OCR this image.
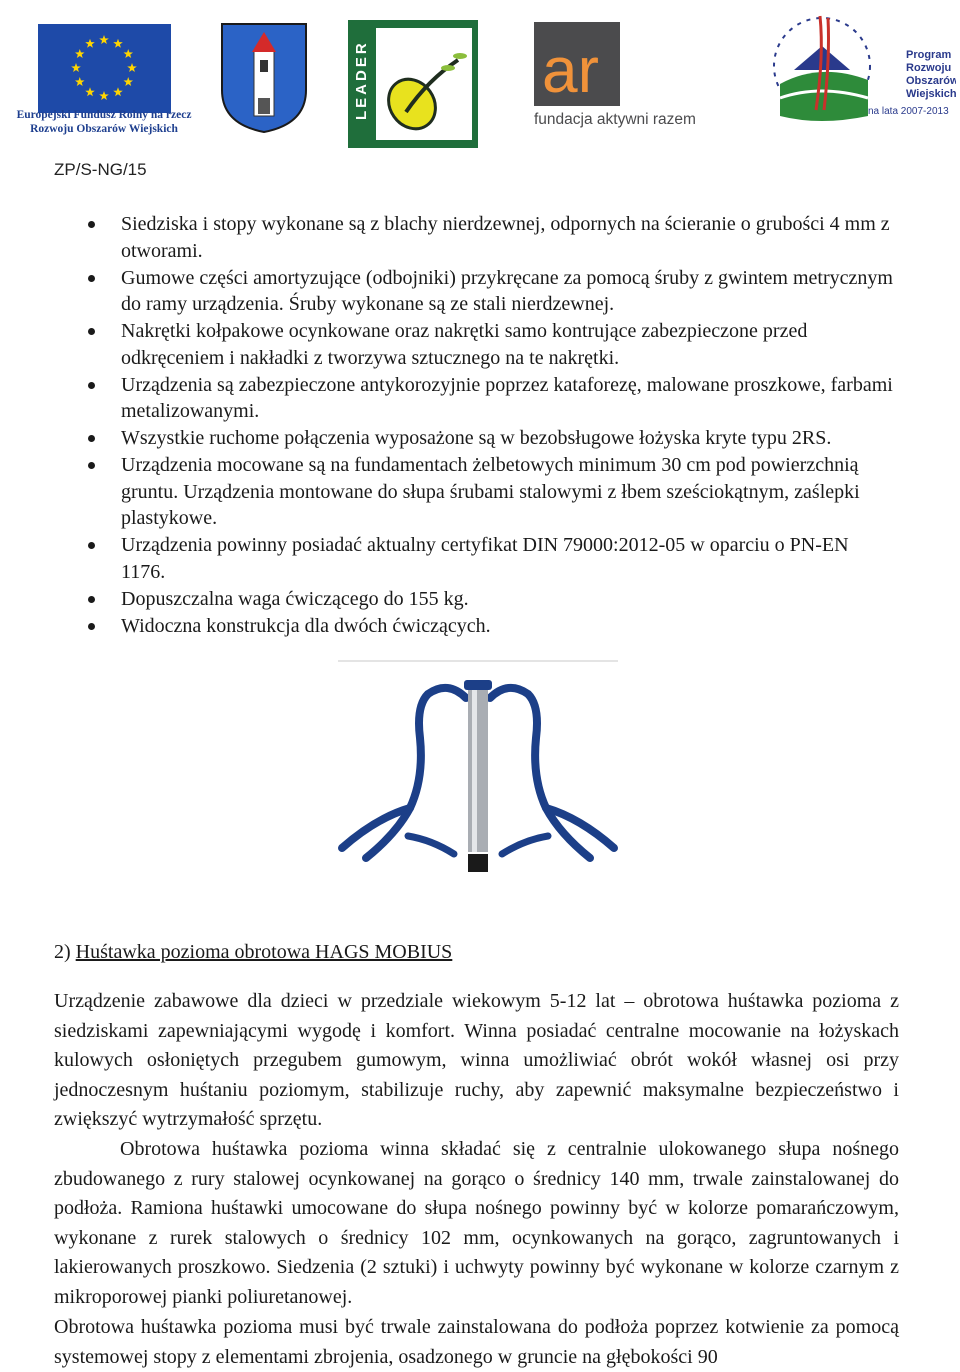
Europejski Fundusz Rolny na rzecz
Rozwoju Obszarów Wiejskich
LEADER	ar
fundacja aktywni razem
Program
Rozwoju
Obszarów
Wiejskich
na lata 2007-2013
ZP/S-NG/15
Siedziska i stopy wykonane są z blachy nierdzewnej, odpornych na ścieranie o grubości 4 mm z otworami.
Gumowe części amortyzujące (odbojniki) przykręcane za pomocą śruby z gwintem metrycznym do ramy urządzenia. Śruby wykonane są ze stali nierdzewnej.
Nakrętki kołpakowe ocynkowane oraz nakrętki samo kontrujące zabezpieczone przed odkręceniem i nakładki z tworzywa sztucznego na te nakrętki.
Urządzenia są zabezpieczone antykorozyjnie poprzez kataforezę, malowane proszkowe, farbami metalizowanymi.
Wszystkie ruchome połączenia wyposażone są w bezobsługowe łożyska kryte typu 2RS.
Urządzenia mocowane są na fundamentach żelbetowych minimum 30 cm pod powierzchnią gruntu. Urządzenia montowane do słupa śrubami stalowymi z łbem sześciokątnym, zaślepki plastykowe.
Urządzenia powinny posiadać aktualny certyfikat DIN 79000:2012-05 w oparciu o PN-EN 1176.
Dopuszczalna waga ćwiczącego do 155 kg.
Widoczna konstrukcja dla dwóch ćwiczących.
2) Huśtawka pozioma obrotowa HAGS MOBIUS

Urządzenie zabawowe dla dzieci w przedziale wiekowym 5-12 lat – obrotowa huśtawka pozioma z siedziskami zapewniającymi wygodę i komfort. Winna posiadać centralne mocowanie na łożyskach kulowych osłoniętych przegubem gumowym, winna umożliwiać obrót wokół własnej osi przy jednoczesnym huśtaniu poziomym, stabilizuje ruchy, aby zapewnić maksymalne bezpieczeństwo i zwiększyć wytrzymałość sprzętu.

Obrotowa huśtawka pozioma winna składać się z centralnie ulokowanego słupa nośnego zbudowanego z rury stalowej ocynkowanej na gorąco o średnicy 140 mm, trwale zainstalowanej do podłoża. Ramiona huśtawki umocowane do słupa nośnego powinny być w kolorze pomarańczowym, wykonane z rurek stalowych o średnicy 102 mm, ocynkowanych na gorąco, zagruntowanych i lakierowanych proszkowo. Siedzenia (2 sztuki) i uchwyty powinny być wykonane w kolorze czarnym z mikroporowej pianki poliuretanowej.

Obrotowa huśtawka pozioma musi być trwale zainstalowana do podłoża poprzez kotwienie za pomocą systemowej stopy z elementami zbrojenia, osadzonego w gruncie na głębokości 90
